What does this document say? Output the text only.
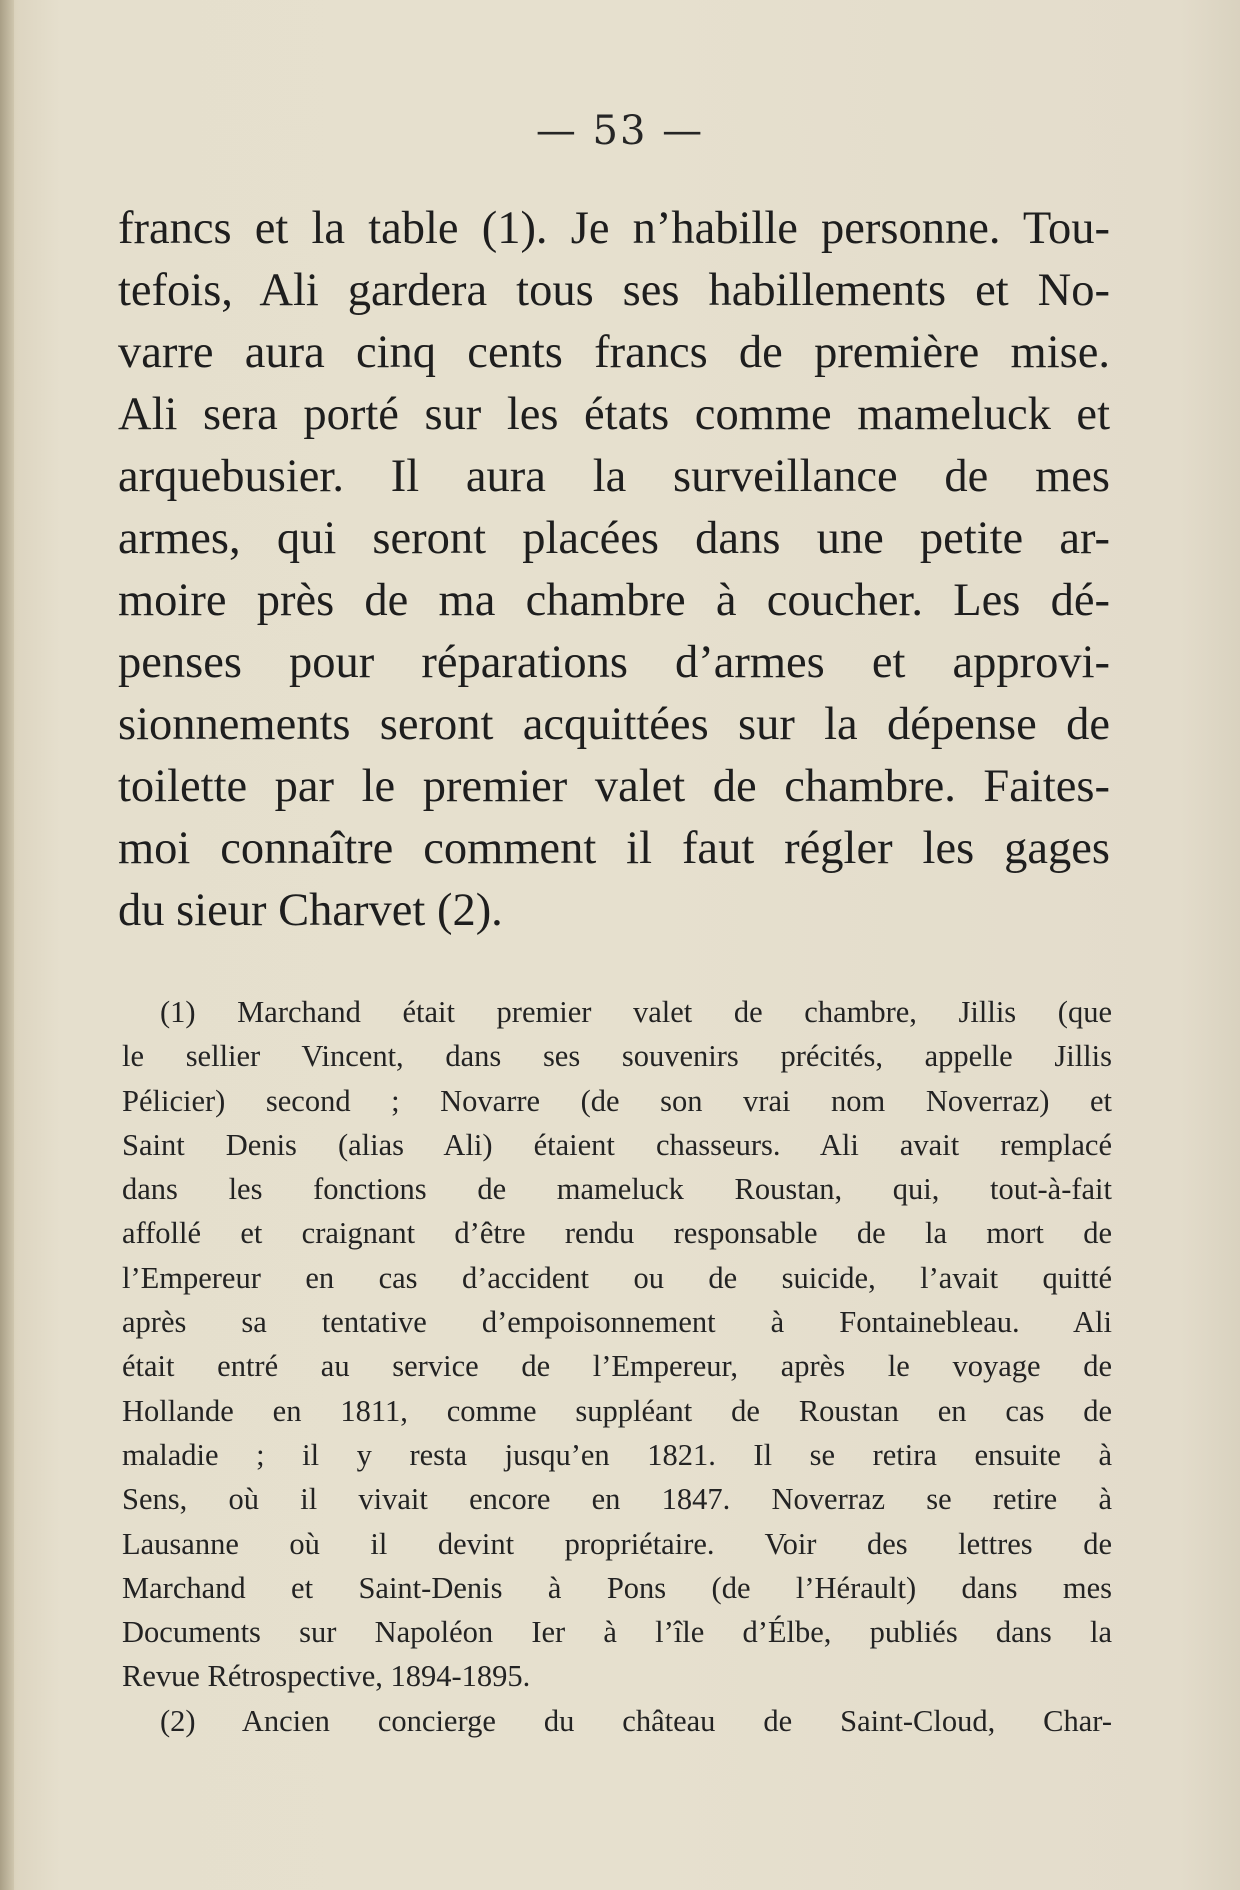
— 53 —
francs et la table (1). Je n’habille personne. Tou-
tefois, Ali gardera tous ses habillements et No-
varre aura cinq cents francs de première mise.
Ali sera porté sur les états comme mameluck et
arquebusier. Il aura la surveillance de mes
armes, qui seront placées dans une petite ar-
moire près de ma chambre à coucher. Les dé-
penses pour réparations d’armes et approvi-
sionnements seront acquittées sur la dépense de
toilette par le premier valet de chambre. Faites-
moi connaître comment il faut régler les gages
du sieur Charvet (2).
(1) Marchand était premier valet de chambre, Jillis (que
le sellier Vincent, dans ses souvenirs précités, appelle Jillis
Pélicier) second ; Novarre (de son vrai nom Noverraz) et
Saint Denis (alias Ali) étaient chasseurs. Ali avait remplacé
dans les fonctions de mameluck Roustan, qui, tout-à-fait
affollé et craignant d’être rendu responsable de la mort de
l’Empereur en cas d’accident ou de suicide, l’avait quitté
après sa tentative d’empoisonnement à Fontainebleau. Ali
était entré au service de l’Empereur, après le voyage de
Hollande en 1811, comme suppléant de Roustan en cas de
maladie ; il y resta jusqu’en 1821. Il se retira ensuite à
Sens, où il vivait encore en 1847. Noverraz se retire à
Lausanne où il devint propriétaire. Voir des lettres de
Marchand et Saint-Denis à Pons (de l’Hérault) dans mes
Documents sur Napoléon Ier à l’île d’Élbe, publiés dans la
Revue Rétrospective, 1894-1895.
(2) Ancien concierge du château de Saint-Cloud, Char-
